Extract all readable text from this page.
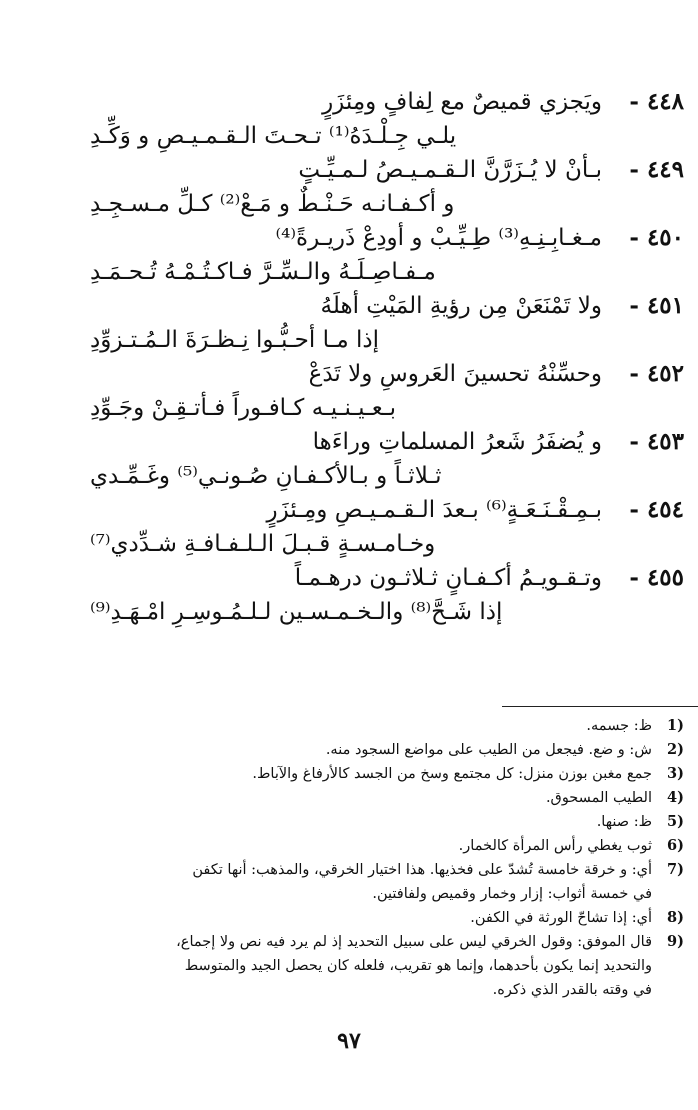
٤٤٨ -
ويَجزي قميصٌ مع لِفافٍ ومِئزَرٍ
يلـي جِـلْـدَهُ⁽¹⁾ تـحـتَ الـقـمـيـصِ و وَكِّـدِ
٤٤٩ -
بـأنْ لا يُـزَرَّنَّ الـقـمـيـصُ لـمـيِّـتٍ
و أكـفـانـه حَـنْـطٌ و مَـعْ⁽²⁾ كـلِّ مـسـجِـدِ
٤٥٠ -
مـغـابِـنِـهِ⁽³⁾ طِـيِّـبْ و أودِعْ ذَريـرةً⁽⁴⁾
مـفـاصِـلَـهُ والـسِّـرَّ فـاكـتُـمْـهُ تُـحـمَـدِ
٤٥١ -
ولا تَمْنَعَنْ مِن رؤيةِ المَيْتِ أهلَهُ
إذا مـا أحـبُّـوا نِـظـرَةَ الـمُـتـزوِّدِ
٤٥٢ -
وحسِّنْهُ تحسينَ العَروسِ ولا تَدَعْ
بـعـيـنـيـه كـافـوراً فـأتـقِـنْ وجَـوِّدِ
٤٥٣ -
و يُضفَرُ شَعرُ المسلماتِ وراءَها
ثـلاثـاً و بـالأكـفـانِ صُـونـي⁽⁵⁾ وغَـمِّـدي
٤٥٤ -
بـمِـقْـنَـعَـةٍ⁽⁶⁾ بـعدَ الـقـمـيـصِ ومِـئزَرٍ
وخـامـسـةٍ قـبـلَ الـلـفـافـةِ شـدِّدي⁽⁷⁾
٤٥٥ -
وتـقـويـمُ أكـفـانٍ ثـلاثـون درهـمـاً
إذا شَـحَّ⁽⁸⁾ والـخـمـسـين لـلـمُـوسِـرِ امْـهَـدِ⁽⁹⁾
(1
ظ: جسمه.
(2
ش: و ضع. فيجعل من الطيب على مواضع السجود منه.
(3
جمع مغبن بوزن منزل: كل مجتمع وسخ من الجسد كالأرفاغ والآباط.
(4
الطيب المسحوق.
(5
ظ: صنها.
(6
ثوب يغطي رأس المرأة كالخمار.
(7
أي: و خرقة خامسة تُشدّ على فخذيها. هذا اختيار الخرقي، والمذهب: أنها تكفن
في خمسة أثواب: إزار وخمار وقميص ولفافتين.
(8
أي: إذا تشاحّ الورثة في الكفن.
(9
قال الموفق: وقول الخرقي ليس على سبيل التحديد إذ لم يرد فيه نص ولا إجماع،
والتحديد إنما يكون بأحدهما، وإنما هو تقريب، فلعله كان يحصل الجيد والمتوسط
في وقته بالقدر الذي ذكره.
٩٧
